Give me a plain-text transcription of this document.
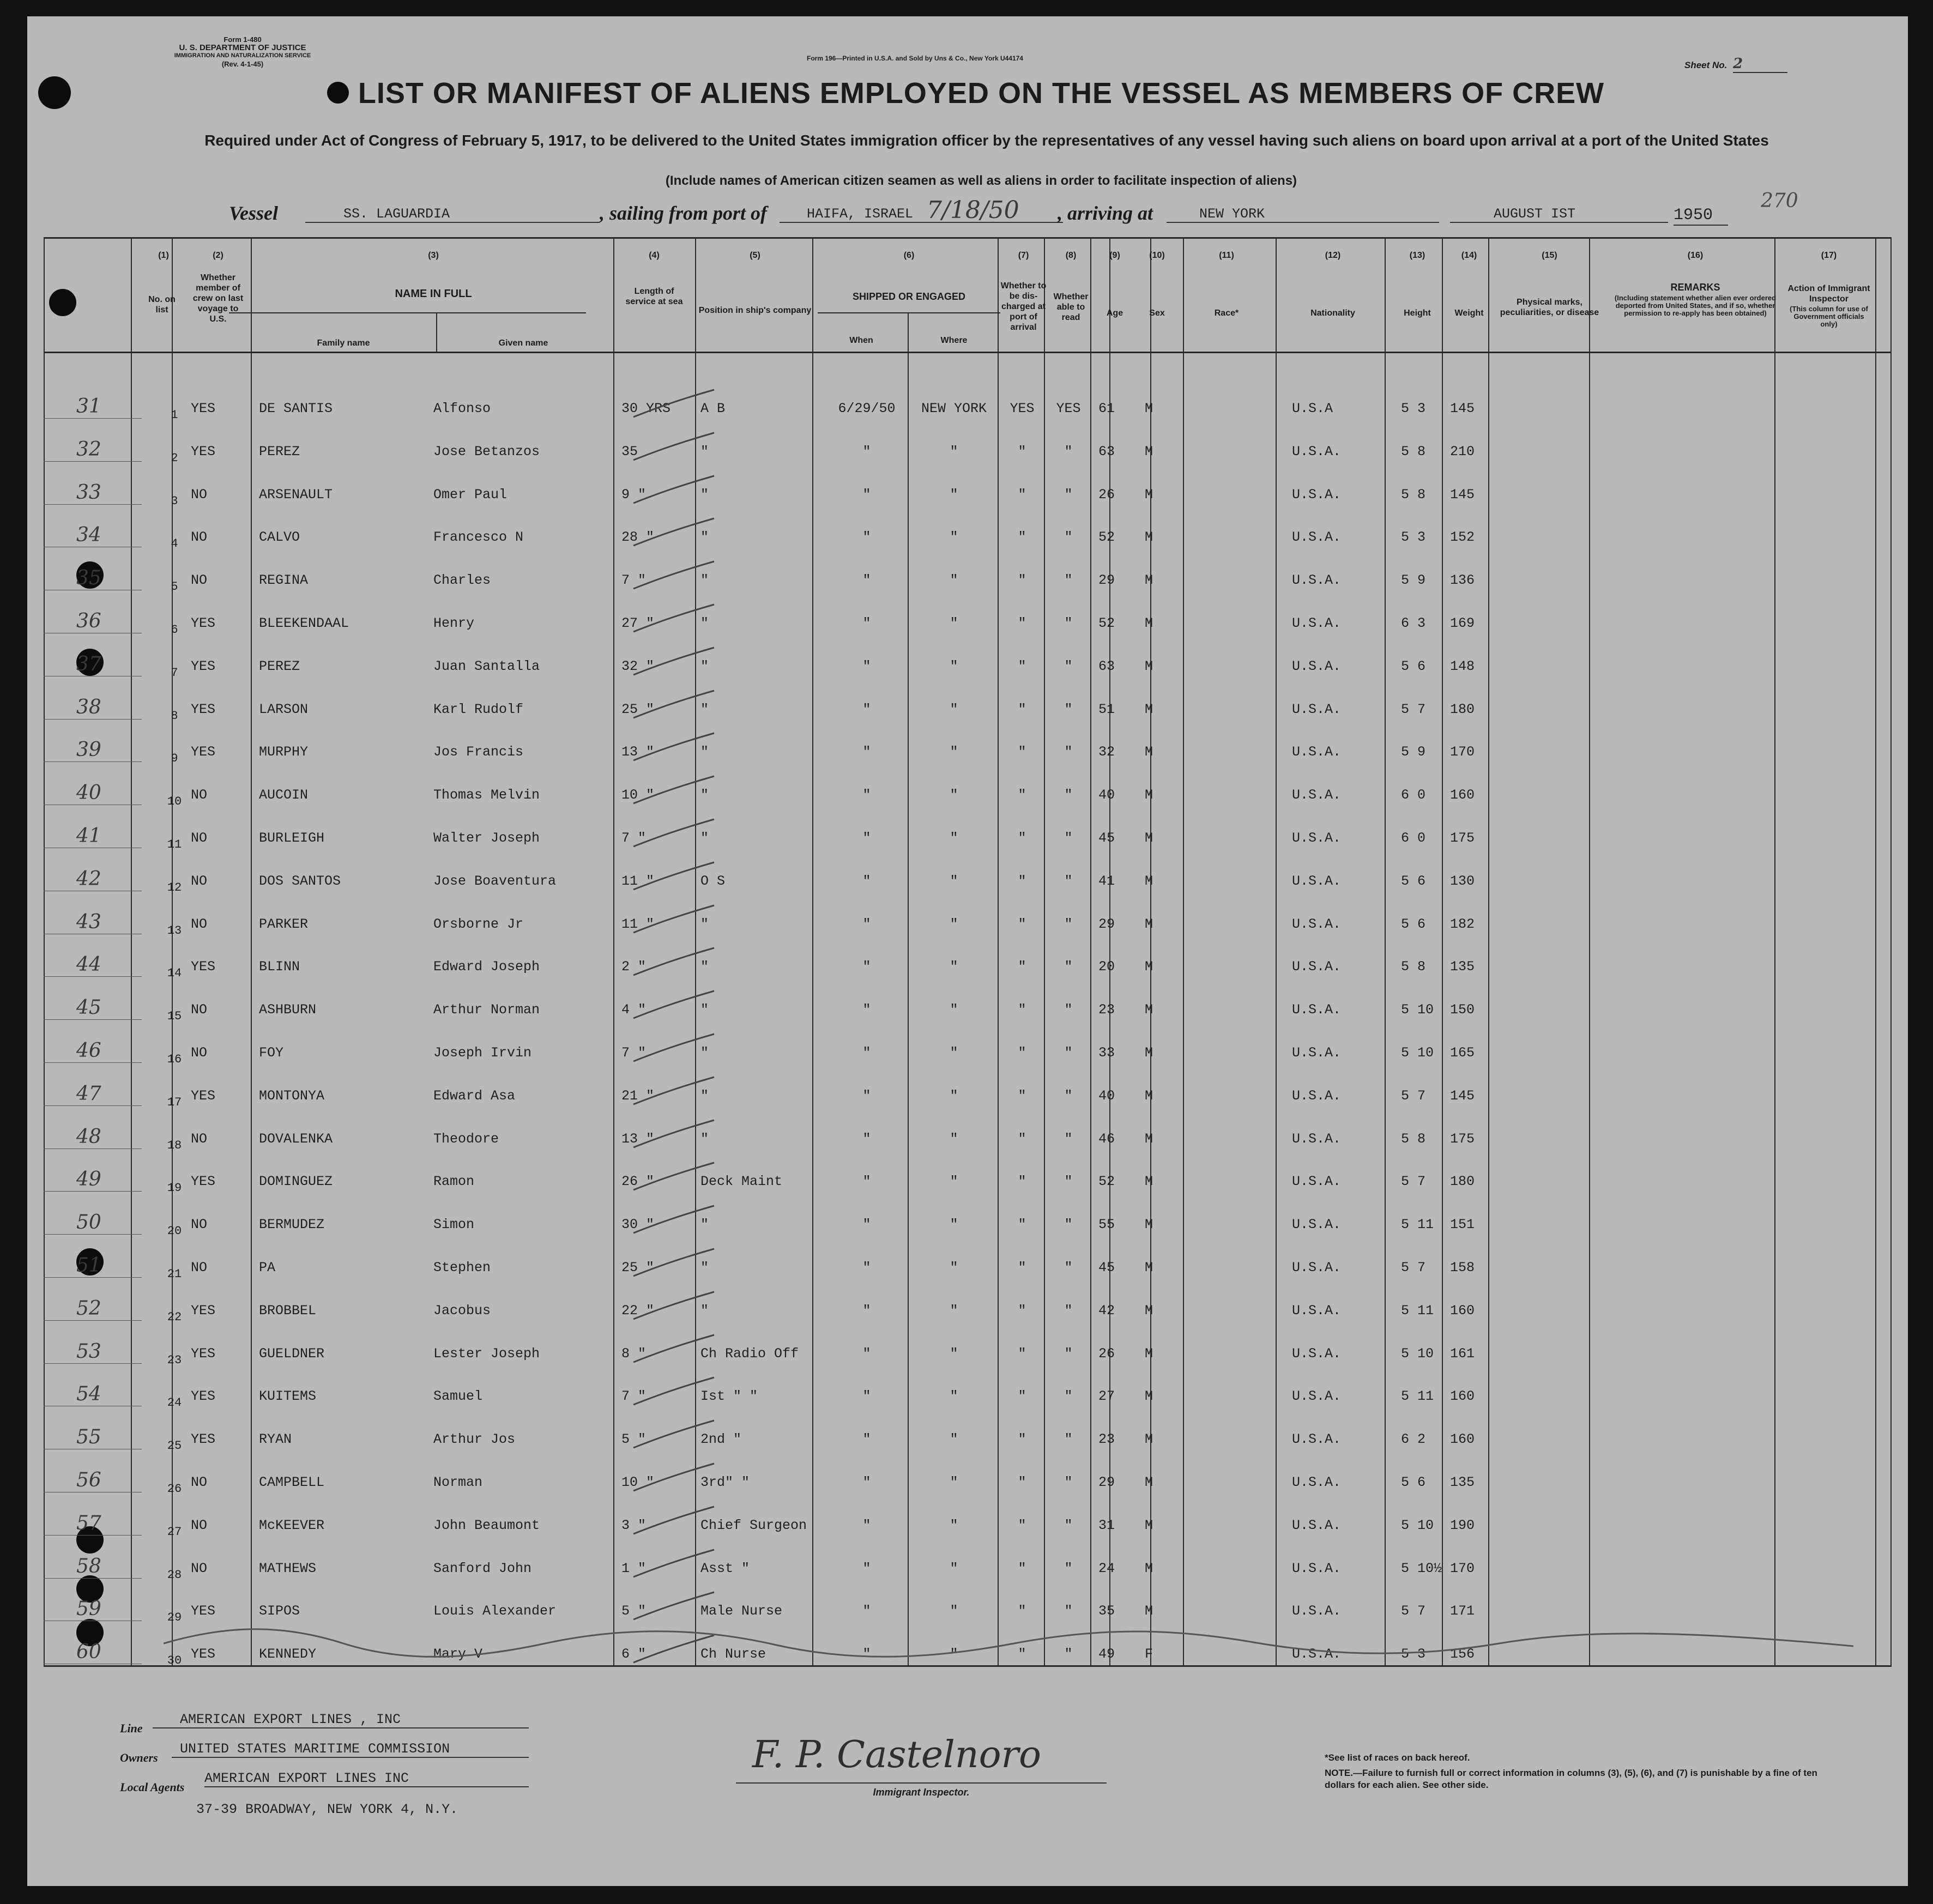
Form 1-480
U. S. DEPARTMENT OF JUSTICE
IMMIGRATION AND NATURALIZATION SERVICE
(Rev. 4-1-45)
Form 196—Printed in U.S.A. and Sold by Uns & Co., New York U44174
Sheet No. 2
LIST OR MANIFEST OF ALIENS EMPLOYED ON THE VESSEL AS MEMBERS OF CREW
Required under Act of Congress of February 5, 1917, to be delivered to the United States immigration officer by the representatives of any vessel having such aliens on board upon arrival at a port of the United States
(Include names of American citizen seamen as well as aliens in order to facilitate inspection of aliens)
Vessel	SS. LAGUARDIA	, sailing from port of	HAIFA, ISRAEL 7/18/50 , arriving at	NEW YORK	AUGUST IST	1950
270
(1)
No. on list
(2)
Whether member of crew on last voyage to U.S.
(3)
NAME IN FULL
Family name	Given name
(4)
Length of service at sea
(5)
Position in ship's company
(6)
SHIPPED OR ENGAGED
When	Where
(7)
Whether to be dis-charged at port of arrival
(8)
Whether able to read
(9)
Age
(10)
Sex
(11)
Race*
(12)
Nationality
(13)
Height
(14)
Weight
(15)
Physical marks, peculiarities, or disease
(16)
REMARKS
(Including statement whether alien ever ordered deported from United States, and if so, whether permission to re-apply has been obtained)
(17)
Action of Immigrant Inspector
(This column for use of Government officials only)
31	1 YES	DE SANTIS	Alfonso	30 YRS	A B	6/29/50	NEW YORK	YES	YES	61	M	U.S.A	5 3	145
32	2 YES	PEREZ	Jose Betanzos	35	"	"	"	"	"	63	M	U.S.A.	5 8	210
33	3 NO	ARSENAULT	Omer Paul	9 "	"	"	"	"	"	26	M	U.S.A.	5 8	145
34	4 NO	CALVO	Francesco N	28 "	"	"	"	"	"	52	M	U.S.A.	5 3	152
35	5 NO	REGINA	Charles	7 "	"	"	"	"	"	29	M	U.S.A.	5 9	136
36	6 YES	BLEEKENDAAL	Henry	27 "	"	"	"	"	"	52	M	U.S.A.	6 3	169
37	7 YES	PEREZ	Juan Santalla	32 "	"	"	"	"	"	63	M	U.S.A.	5 6	148
38	8 YES	LARSON	Karl Rudolf	25 "	"	"	"	"	"	51	M	U.S.A.	5 7	180
39	9 YES	MURPHY	Jos Francis	13 "	"	"	"	"	"	32	M	U.S.A.	5 9	170
40	10 NO	AUCOIN	Thomas Melvin	10 "	"	"	"	"	"	40	M	U.S.A.	6 0	160
41	11 NO	BURLEIGH	Walter Joseph	7 "	"	"	"	"	"	45	M	U.S.A.	6 0	175
42	12 NO	DOS SANTOS	Jose Boaventura	11 "	O S	"	"	"	"	41	M	U.S.A.	5 6	130
43	13 NO	PARKER	Orsborne Jr	11 "	"	"	"	"	"	29	M	U.S.A.	5 6	182
44	14 YES	BLINN	Edward Joseph	2 "	"	"	"	"	"	20	M	U.S.A.	5 8	135
45	15 NO	ASHBURN	Arthur Norman	4 "	"	"	"	"	"	23	M	U.S.A.	5 10	150
46	16 NO	FOY	Joseph Irvin	7 "	"	"	"	"	"	33	M	U.S.A.	5 10	165
47	17 YES	MONTONYA	Edward Asa	21 "	"	"	"	"	"	40	M	U.S.A.	5 7	145
48	18 NO	DOVALENKA	Theodore	13 "	"	"	"	"	"	46	M	U.S.A.	5 8	175
49	19 YES	DOMINGUEZ	Ramon	26 "	Deck Maint	"	"	"	"	52	M	U.S.A.	5 7	180
50	20 NO	BERMUDEZ	Simon	30 "	"	"	"	"	"	55	M	U.S.A.	5 11	151
51	21 NO	PA	Stephen	25 "	"	"	"	"	"	45	M	U.S.A.	5 7	158
52	22 YES	BROBBEL	Jacobus	22 "	"	"	"	"	"	42	M	U.S.A.	5 11	160
53	23 YES	GUELDNER	Lester Joseph	8 "	Ch Radio Off	"	"	"	"	26	M	U.S.A.	5 10	161
54	24 YES	KUITEMS	Samuel	7 "	Ist " "	"	"	"	"	27	M	U.S.A.	5 11	160
55	25 YES	RYAN	Arthur Jos	5 "	2nd "	"	"	"	"	23	M	U.S.A.	6 2	160
56	26 NO	CAMPBELL	Norman	10 "	3rd" "	"	"	"	"	29	M	U.S.A.	5 6	135
57	27 NO	McKEEVER	John Beaumont	3 "	Chief Surgeon	"	"	"	"	31	M	U.S.A.	5 10	190
58	28 NO	MATHEWS	Sanford John	1 "	Asst "	"	"	"	"	24	M	U.S.A.	5 10½ 170
59	29 YES	SIPOS	Louis Alexander	5 "	Male Nurse	"	"	"	"	35	M	U.S.A.	5 7	171
60	30 YES	KENNEDY	Mary V	6 "	Ch Nurse	"	"	"	"	49	F	U.S.A.	5 3	156
Line
AMERICAN EXPORT LINES , INC
Owners
UNITED STATES MARITIME COMMISSION
Local Agents
AMERICAN EXPORT LINES INC
37-39 BROADWAY, NEW YORK 4, N.Y.
F. P. Castelnoro
Immigrant Inspector.
*See list of races on back hereof.
NOTE.—Failure to furnish full or correct information in columns (3), (5), (6), and (7) is punishable by a fine of ten dollars for each alien. See other side.
